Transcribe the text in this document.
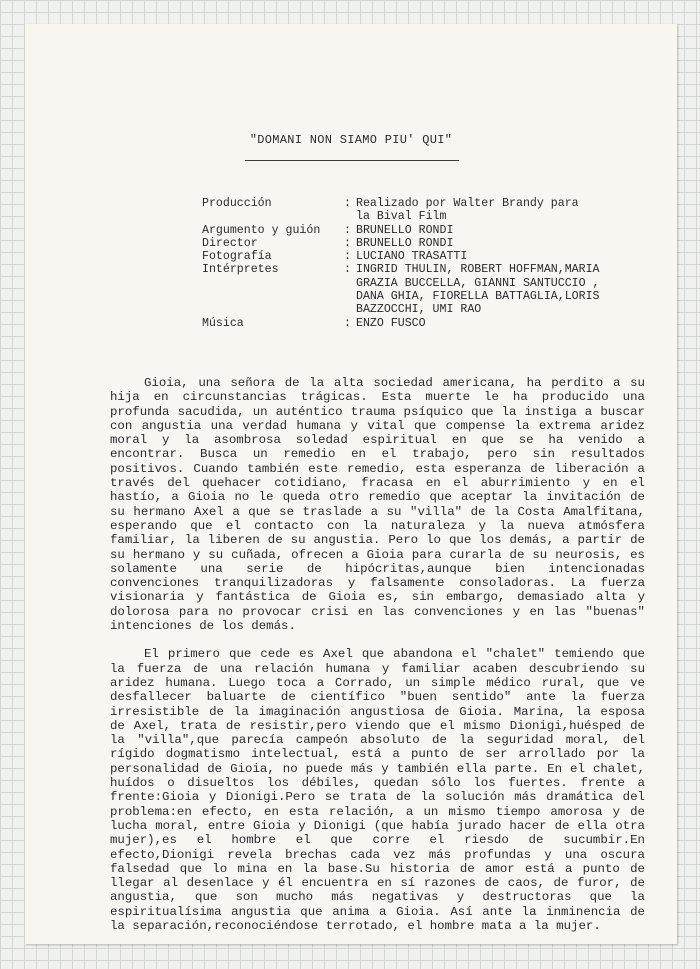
"DOMANI NON SIAMO PIU' QUI"
Producción	: Realizado por Walter Brandy para
la Bival Film
Argumento y guión	: BRUNELLO RONDI
Director	: BRUNELLO RONDI
Fotografía	: LUCIANO TRASATTI
Intérpretes	: INGRID THULIN, ROBERT HOFFMAN,MARIA
GRAZIA BUCCELLA, GIANNI SANTUCCIO ,
DANA GHIA, FIORELLA BATTAGLIA,LORIS
BAZZOCCHI, UMI RAO
Música	: ENZO FUSCO

Gioia, una señora de la alta sociedad americana, ha perdito a su hija en circunstancias trágicas. Esta muerte le ha producido una profunda sacudida, un auténtico trauma psíquico que la instiga a buscar con angustia una verdad humana y vital que compense la extrema aridez moral y la asombrosa soledad espiritual en que se ha venido a encontrar. Busca un remedio en el trabajo, pero sin resultados positivos. Cuando también este remedio, esta esperanza de liberación a través del quehacer cotidiano, fracasa en el aburrimiento y en el hastío, a Gioia no le queda otro remedio que aceptar la invitación de su hermano Axel a que se traslade a su "villa" de la Costa Amalfitana, esperando que el contacto con la naturaleza y la nueva atmósfera familiar, la liberen de su angustia. Pero lo que los demás, a partir de su hermano y su cuñada, ofrecen a Gioia para curarla de su neurosis, es solamente una serie de hipócritas,aunque bien intencionadas convenciones tranquilizadoras y falsamente consoladoras. La fuerza visionaria y fantástica de Gioia es, sin embargo, demasiado alta y dolorosa para no provocar crisi en las convenciones y en las "buenas" intenciones de los demás.

El primero que cede es Axel que abandona el "chalet" temiendo que la fuerza de una relación humana y familiar acaben descubriendo su aridez humana. Luego toca a Corrado, un simple médico rural, que ve desfallecer baluarte de científico "buen sentido" ante la fuerza irresistible de la imaginación angustiosa de Gioia. Marina, la esposa de Axel, trata de resistir,pero viendo que el mismo Dionigi,huésped de la "villa",que parecía campeón absoluto de la seguridad moral, del rígido dogmatismo intelectual, está a punto de ser arrollado por la personalidad de Gioia, no puede más y también ella parte. En el chalet, huídos o disueltos los débiles, quedan sólo los fuertes. frente a frente:Gioia y Dionigi.Pero se trata de la solución más dramática del problema:en efecto, en esta relación, a un mismo tiempo amorosa y de lucha moral, entre Gioia y Dionigi (que había jurado hacer de ella otra mujer),es el hombre el que corre el riesdo de sucumbir.En efecto,Dionigi revela brechas cada vez más profundas y una oscura falsedad que lo mina en la base.Su historia de amor está a punto de llegar al desenlace y él encuentra en sí razones de caos, de furor, de angustia, que son mucho más negativas y destructoras que la espiritualísima angustia que anima a Gioia. Así ante la inminencia de la separación,reconociéndose terrotado, el hombre mata a la mujer.
